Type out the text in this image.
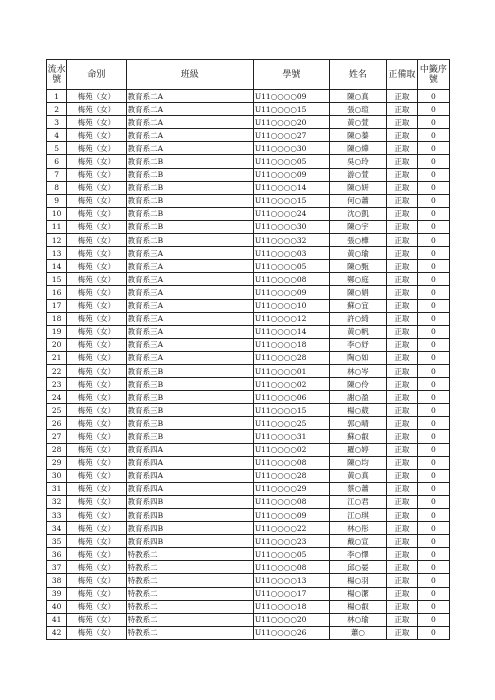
流水號	命別	班級	學號	姓名	正備取	中籤序號
1	梅苑（女）	教育系二A	U11○○○○09	陳○真	正取	0
2	梅苑（女）	教育系二A	U11○○○○15	張○瑄	正取	0
3	梅苑（女）	教育系二A	U11○○○○20	黃○萱	正取	0
4	梅苑（女）	教育系二A	U11○○○○27	陳○蓁	正取	0
5	梅苑（女）	教育系二A	U11○○○○30	陳○燁	正取	0
6	梅苑（女）	教育系二B	U11○○○○05	吳○玲	正取	0
7	梅苑（女）	教育系二B	U11○○○○09	游○萱	正取	0
8	梅苑（女）	教育系二B	U11○○○○14	陳○妍	正取	0
9	梅苑（女）	教育系二B	U11○○○○15	何○蕭	正取	0
10	梅苑（女）	教育系二B	U11○○○○24	沈○凱	正取	0
11	梅苑（女）	教育系二B	U11○○○○30	陳○宇	正取	0
12	梅苑（女）	教育系二B	U11○○○○32	張○樺	正取	0
13	梅苑（女）	教育系三A	U11○○○○03	黃○瑜	正取	0
14	梅苑（女）	教育系三A	U11○○○○05	陳○甄	正取	0
15	梅苑（女）	教育系三A	U11○○○○08	鄭○庭	正取	0
16	梅苑（女）	教育系三A	U11○○○○09	陳○娟	正取	0
17	梅苑（女）	教育系三A	U11○○○○10	蘇○宜	正取	0
18	梅苑（女）	教育系三A	U11○○○○12	許○綺	正取	0
19	梅苑（女）	教育系三A	U11○○○○14	黃○帆	正取	0
20	梅苑（女）	教育系三A	U11○○○○18	李○妤	正取	0
21	梅苑（女）	教育系三A	U11○○○○28	陶○如	正取	0
22	梅苑（女）	教育系三B	U11○○○○01	林○岑	正取	0
23	梅苑（女）	教育系三B	U11○○○○02	陳○伶	正取	0
24	梅苑（女）	教育系三B	U11○○○○06	謝○盈	正取	0
25	梅苑（女）	教育系三B	U11○○○○15	楊○葳	正取	0
26	梅苑（女）	教育系三B	U11○○○○25	郭○晴	正取	0
27	梅苑（女）	教育系三B	U11○○○○31	蘇○叡	正取	0
28	梅苑（女）	教育系四A	U11○○○○02	羅○婷	正取	0
29	梅苑（女）	教育系四A	U11○○○○08	陳○均	正取	0
30	梅苑（女）	教育系四A	U11○○○○28	黃○真	正取	0
31	梅苑（女）	教育系四A	U11○○○○29	蔡○蕭	正取	0
32	梅苑（女）	教育系四B	U11○○○○08	江○君	正取	0
33	梅苑（女）	教育系四B	U11○○○○09	江○琪	正取	0
34	梅苑（女）	教育系四B	U11○○○○22	林○彤	正取	0
35	梅苑（女）	教育系四B	U11○○○○23	戴○宣	正取	0
36	梅苑（女）	特教系二	U11○○○○05	李○懌	正取	0
37	梅苑（女）	特教系二	U11○○○○08	邱○晏	正取	0
38	梅苑（女）	特教系二	U11○○○○13	楊○羽	正取	0
39	梅苑（女）	特教系二	U11○○○○17	楊○潔	正取	0
40	梅苑（女）	特教系二	U11○○○○18	楊○叡	正取	0
41	梅苑（女）	特教系二	U11○○○○20	林○瑜	正取	0
42	梅苑（女）	特教系二	U11○○○○26	蕭○	正取	0
